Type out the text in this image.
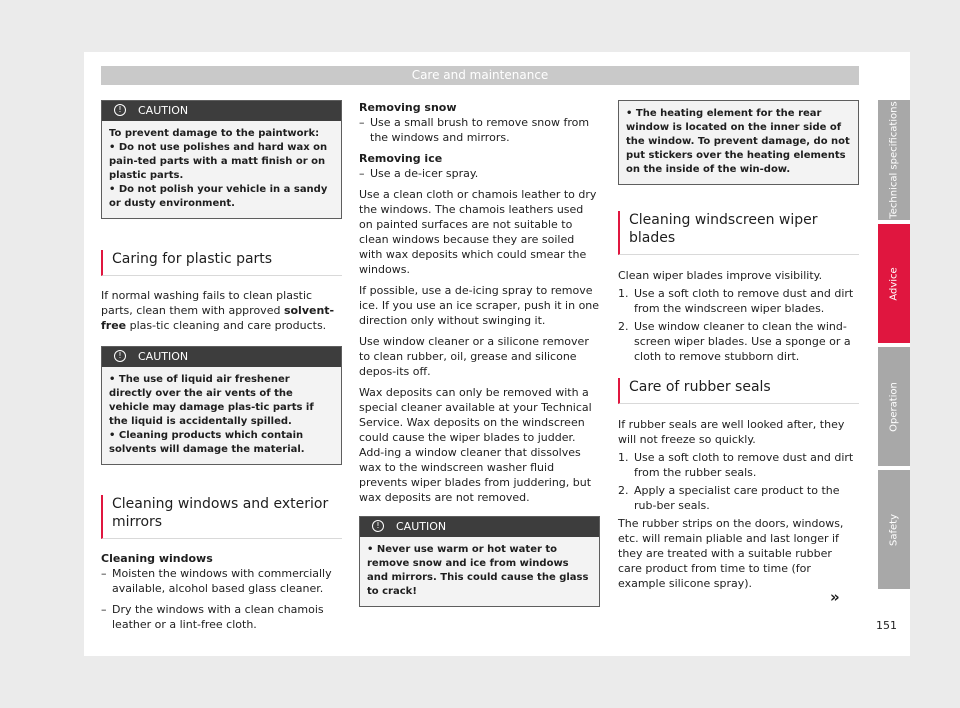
Care and maintenance
! CAUTION
To prevent damage to the paintwork:
• Do not use polishes and hard wax on pain-ted parts with a matt finish or on plastic parts.
• Do not polish your vehicle in a sandy or dusty environment.
Caring for plastic parts

If normal washing fails to clean plastic parts, clean them with approved solvent-free plas-tic cleaning and care products.

! CAUTION
• The use of liquid air freshener directly over the air vents of the vehicle may damage plas-tic parts if the liquid is accidentally spilled.
• Cleaning products which contain solvents will damage the material.
Cleaning windows and exterior mirrors

Cleaning windows

– Moisten the windows with commercially available, alcohol based glass cleaner.
– Dry the windows with a clean chamois leather or a lint-free cloth.

Removing snow

– Use a small brush to remove snow from the windows and mirrors.

Removing ice

– Use a de-icer spray.

Use a clean cloth or chamois leather to dry the windows. The chamois leathers used on painted surfaces are not suitable to clean windows because they are soiled with wax deposits which could smear the windows.

If possible, use a de-icing spray to remove ice. If you use an ice scraper, push it in one direction only without swinging it.

Use window cleaner or a silicone remover to clean rubber, oil, grease and silicone depos-its off.

Wax deposits can only be removed with a special cleaner available at your Technical Service. Wax deposits on the windscreen could cause the wiper blades to judder. Add-ing a window cleaner that dissolves wax to the windscreen washer fluid prevents wiper blades from juddering, but wax deposits are not removed.

! CAUTION
• Never use warm or hot water to remove snow and ice from windows and mirrors. This could cause the glass to crack!
• The heating element for the rear window is located on the inner side of the window. To prevent damage, do not put stickers over the heating elements on the inside of the win-dow.
Cleaning windscreen wiper blades

Clean wiper blades improve visibility.

1. Use a soft cloth to remove dust and dirt from the windscreen wiper blades.
2. Use window cleaner to clean the wind-screen wiper blades. Use a sponge or a cloth to remove stubborn dirt.
Care of rubber seals

If rubber seals are well looked after, they will not freeze so quickly.

1. Use a soft cloth to remove dust and dirt from the rubber seals.
2. Apply a specialist care product to the rub-ber seals.

The rubber strips on the doors, windows, etc. will remain pliable and last longer if they are treated with a suitable rubber care product from time to time (for example silicone spray).

»
Technical specifications
Advice
Operation
Safety
151
